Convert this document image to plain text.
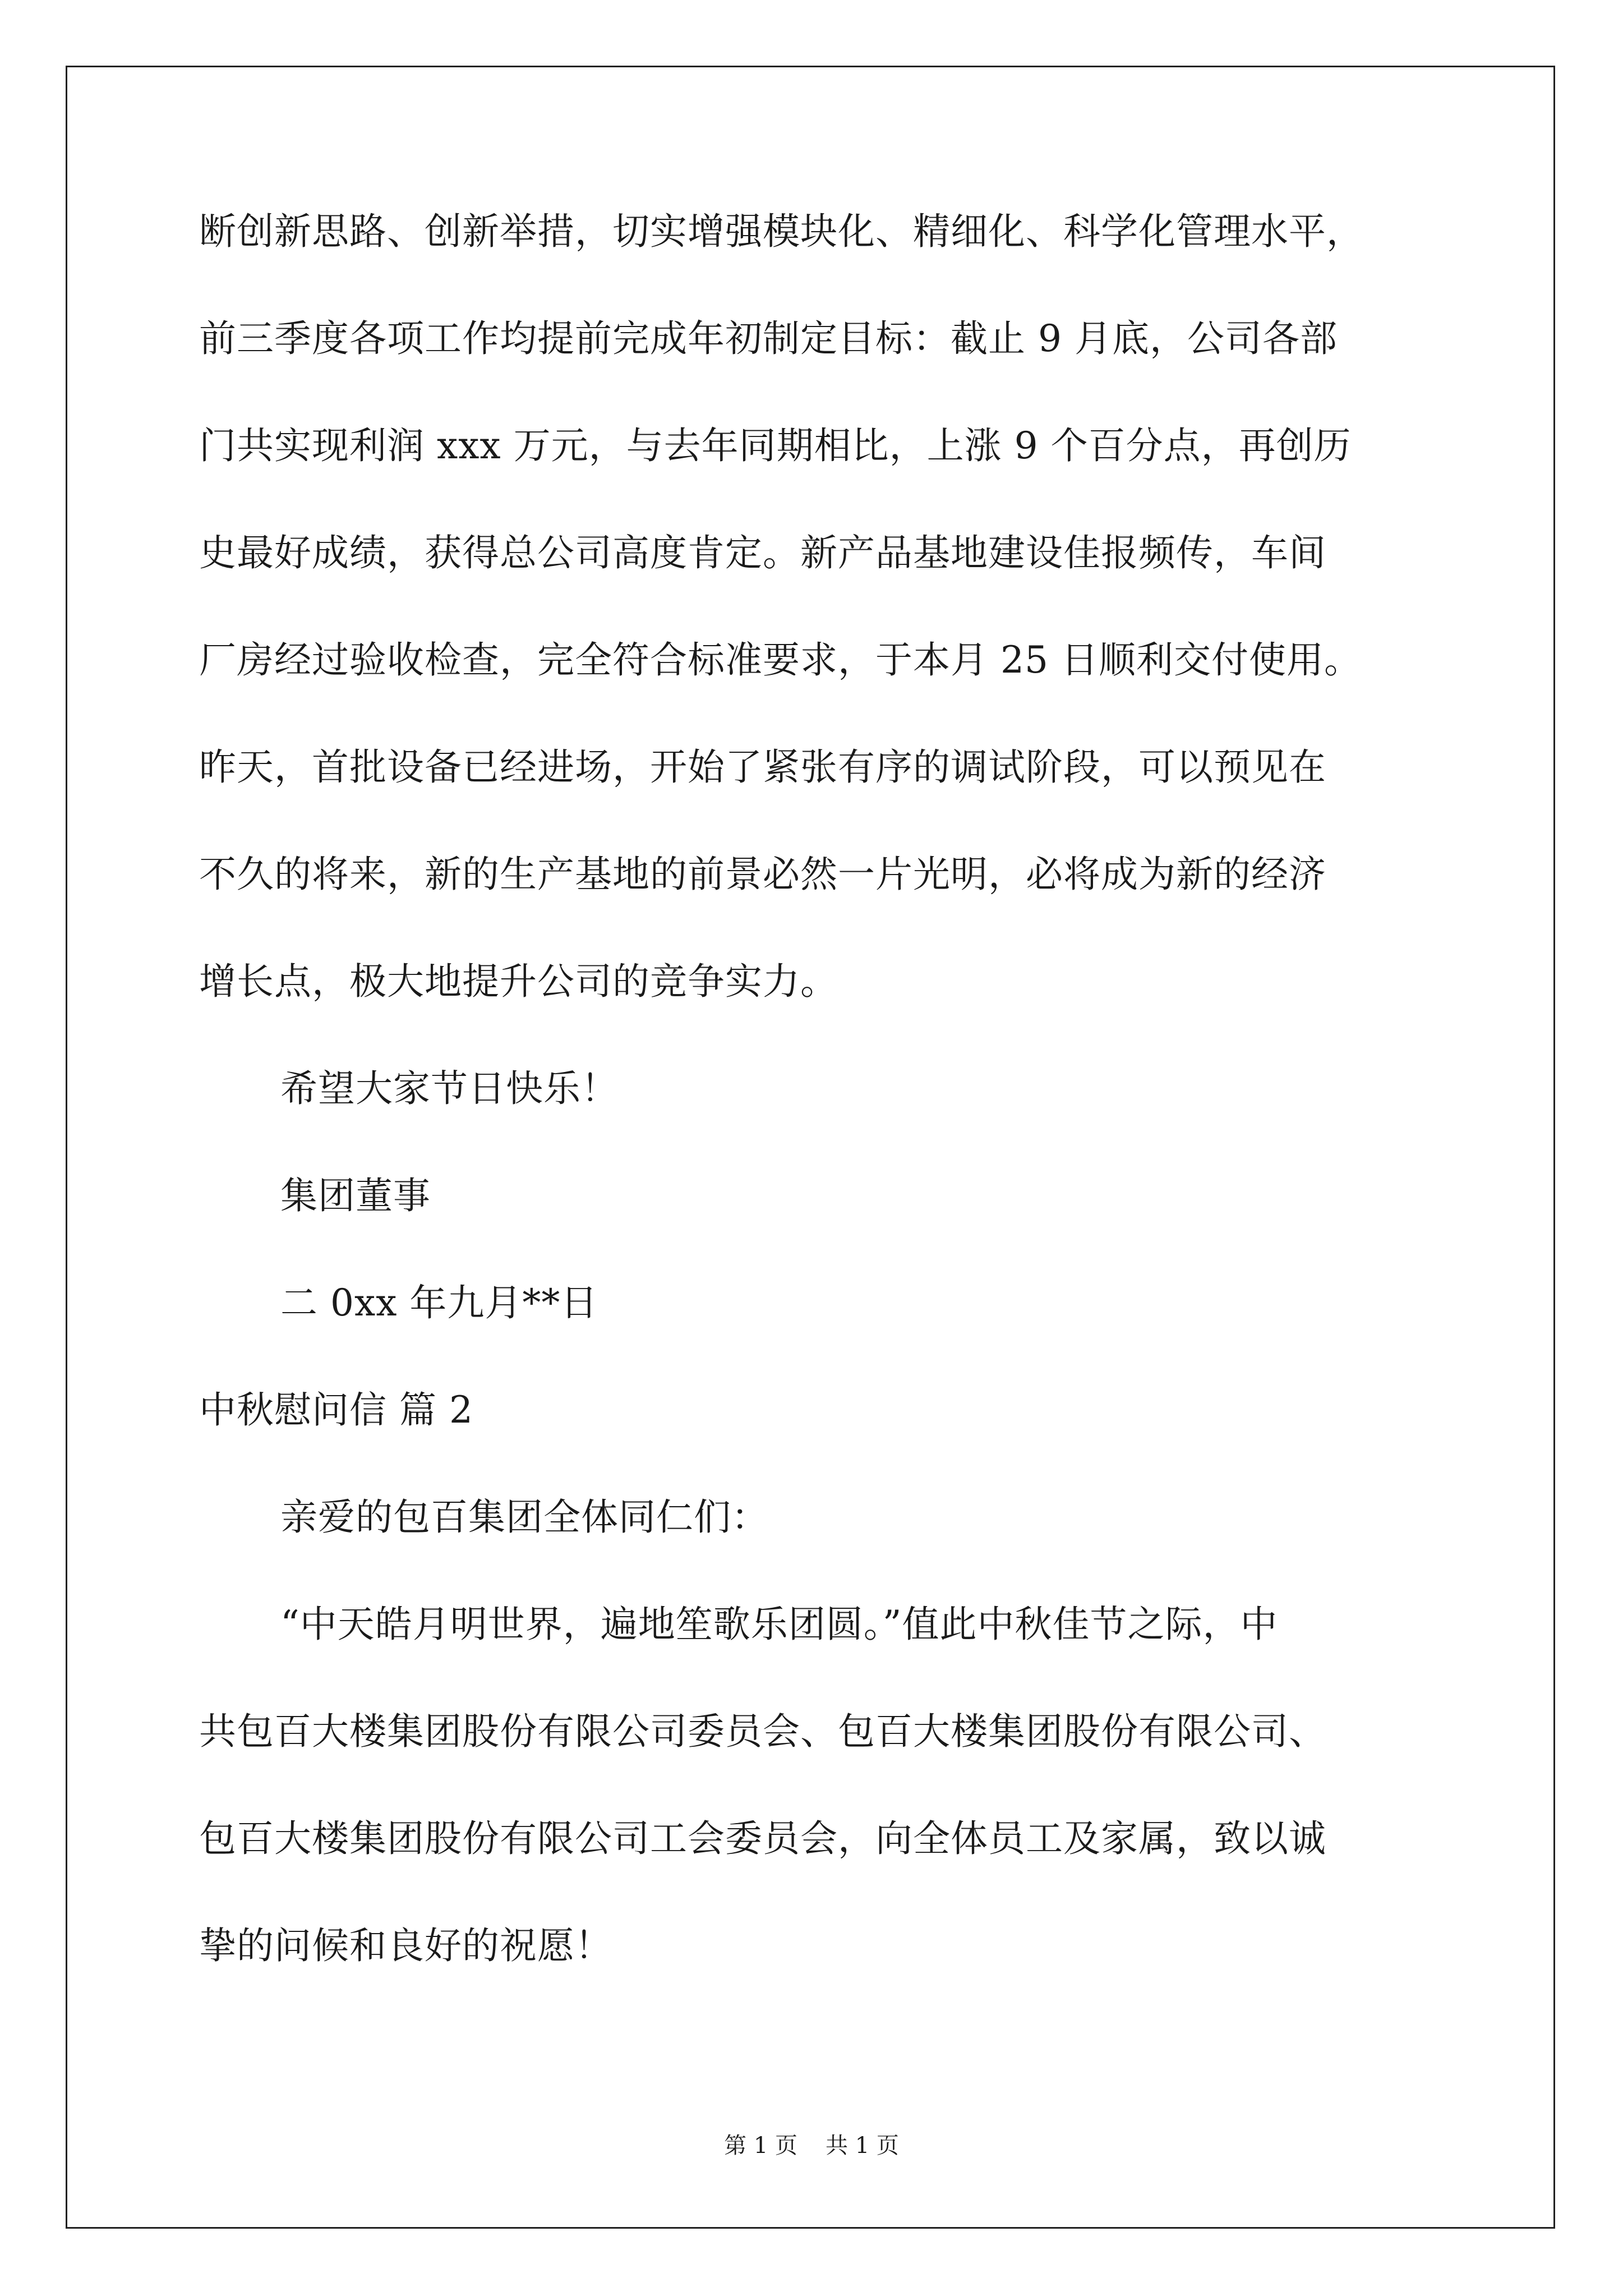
断创新思路、创新举措，切实增强模块化、精细化、科学化管理水平，
前三季度各项工作均提前完成年初制定目标：截止 9 月底，公司各部
门共实现利润 xxx 万元，与去年同期相比，上涨 9 个百分点，再创历
史最好成绩，获得总公司高度肯定。新产品基地建设佳报频传，车间
厂房经过验收检查，完全符合标准要求，于本月 25 日顺利交付使用。
昨天，首批设备已经进场，开始了紧张有序的调试阶段，可以预见在
不久的将来，新的生产基地的前景必然一片光明，必将成为新的经济
增长点，极大地提升公司的竞争实力。
希望大家节日快乐！
集团董事
二 0xx 年九月**日
中秋慰问信 篇 2
亲爱的包百集团全体同仁们：
“中天皓月明世界，遍地笙歌乐团圆。”值此中秋佳节之际，中
共包百大楼集团股份有限公司委员会、包百大楼集团股份有限公司、
包百大楼集团股份有限公司工会委员会，向全体员工及家属，致以诚
挚的问候和良好的祝愿！
第 1 页 共 1 页
